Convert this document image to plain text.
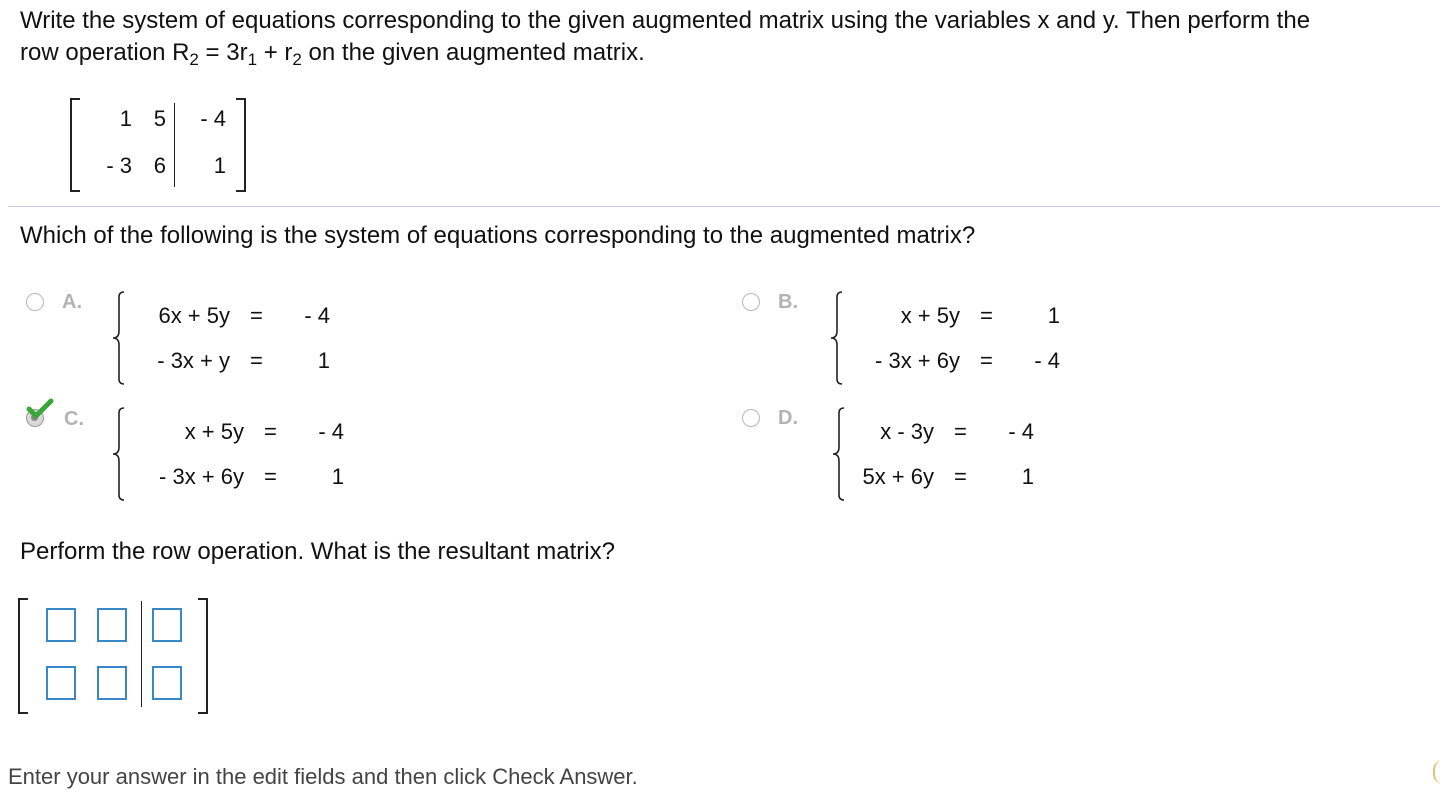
Write the system of equations corresponding to the given augmented matrix using the variables x and y. Then perform the
row operation $R_2 = 3r_1 + r_2$ on the given augmented matrix.
1 5	- 4
- 3 6	1
Which of the following is the system of equations corresponding to the augmented matrix?
A.
6x + 5y =	- 4
- 3x + y =	1
B.
x + 5y =	1
- 3x + 6y =	- 4
C.	x + 5y =	- 4
- 3x + 6y =	1
D.
x - 3y =	- 4
5x + 6y =	1
Perform the row operation. What is the resultant matrix?
Enter your answer in the edit fields and then click Check Answer.
